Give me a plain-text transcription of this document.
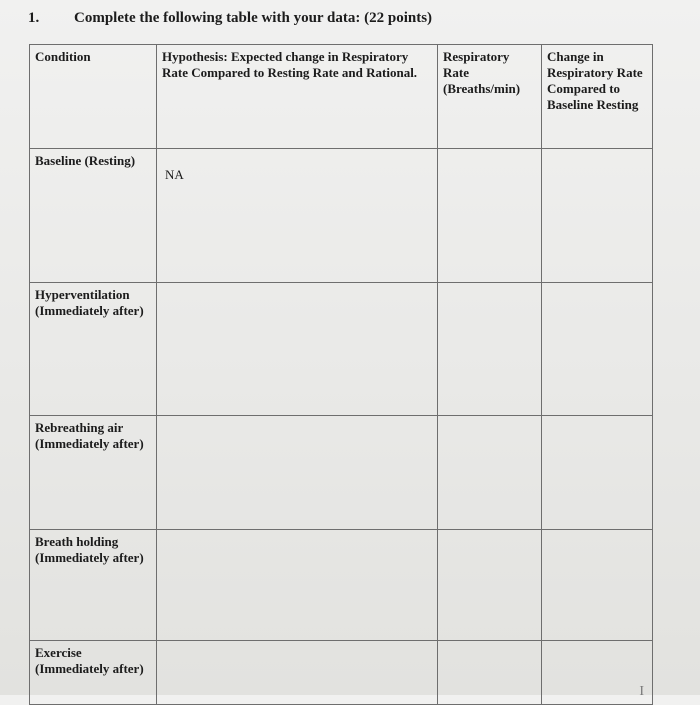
1. Complete the following table with your data: (22 points)
Condition	Hypothesis: Expected change in Respiratory Rate Compared to Resting Rate and Rational.	Respiratory Rate (Breaths/min)	Change in Respiratory Rate Compared to Baseline Resting
Baseline (Resting)	NA		
Hyperventilation (Immediately after)			
Rebreathing air (Immediately after)			
Breath holding (Immediately after)			
Exercise (Immediately after)			I
